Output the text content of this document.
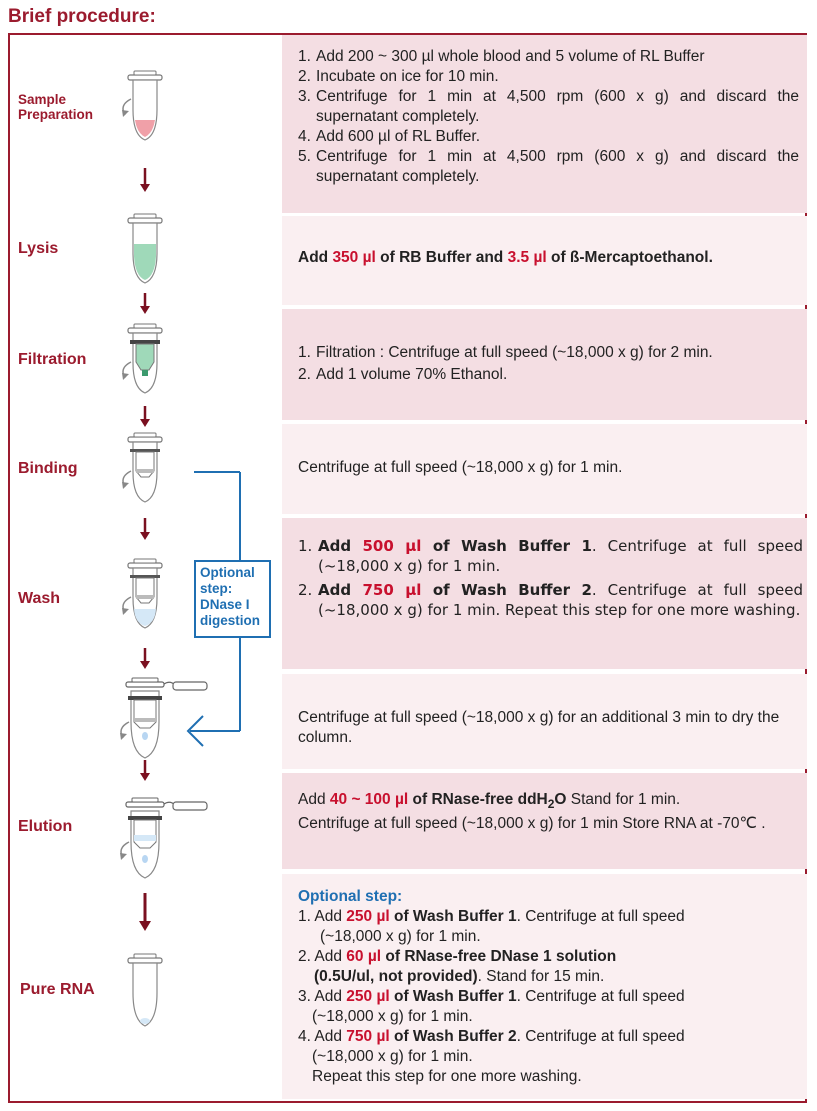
Brief procedure:
Sample
Preparation
Lysis
Filtration
Binding
Wash
Elution
Pure RNA
Optional
step:
DNase I
digestion
1. Add 200 ~ 300 µl whole blood and 5 volume of RL Buffer
2. Incubate on ice for 10 min.
3. Centrifuge for 1 min at 4,500 rpm (600 x g) and discard the supernatant completely.
4. Add 600 µl of RL Buffer.
5. Centrifuge for 1 min at 4,500 rpm (600 x g) and discard the supernatant completely.
Add 350 µl of RB Buffer and 3.5 µl of ß-Mercaptoethanol.
1. Filtration : Centrifuge at full speed (~18,000 x g) for 2 min.
2. Add 1 volume 70% Ethanol.
Centrifuge at full speed (~18,000 x g) for 1 min.
1. Add 500 µl of Wash Buffer 1. Centrifuge at full speed (~18,000 x g) for 1 min.
2. Add 750 µl of Wash Buffer 2. Centrifuge at full speed (~18,000 x g) for 1 min. Repeat this step for one more washing.
Centrifuge at full speed (~18,000 x g) for an additional 3 min to dry the column.
Add 40 ~ 100 µl of RNase-free ddH$_2$O Stand for 1 min.
Centrifuge at full speed (~18,000 x g) for 1 min Store RNA at -70℃ .
Optional step:
1. Add 250 µl of Wash Buffer 1. Centrifuge at full speed
(~18,000 x g) for 1 min.
2. Add 60 µl of RNase-free DNase 1 solution
(0.5U/ul, not provided). Stand for 15 min.
3. Add 250 µl of Wash Buffer 1. Centrifuge at full speed
(~18,000 x g) for 1 min.
4. Add 750 µl of Wash Buffer 2. Centrifuge at full speed
(~18,000 x g) for 1 min.
Repeat this step for one more washing.
